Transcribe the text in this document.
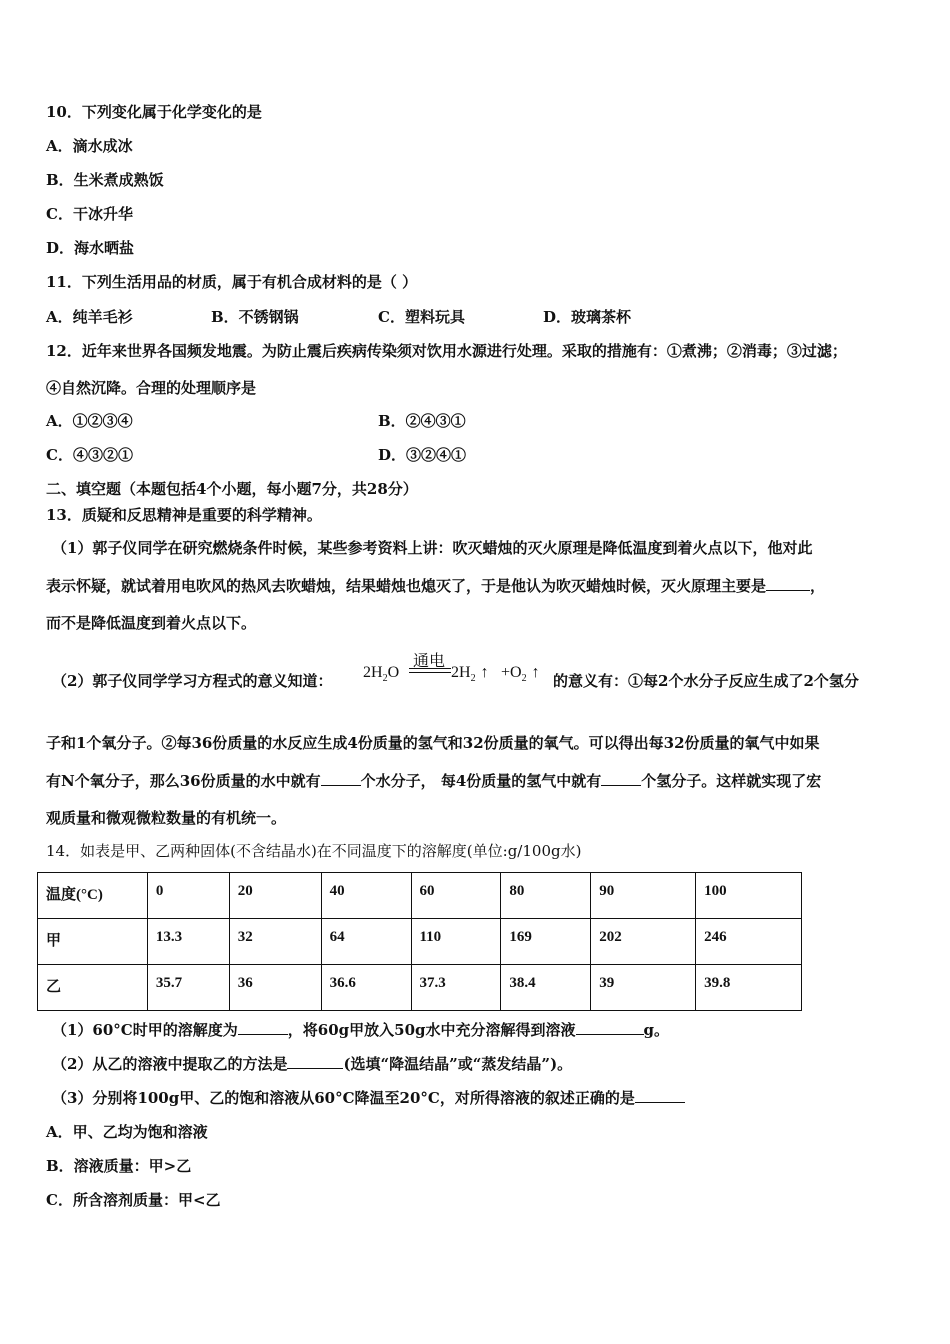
10．下列变化属于化学变化的是
A．滴水成冰
B．生米煮成熟饭
C．干冰升华
D．海水晒盐
11．下列生活用品的材质，属于有机合成材料的是（ ）
A．纯羊毛衫	B．不锈钢锅	C．塑料玩具	D．玻璃茶杯
12．近年来世界各国频发地震。为防止震后疾病传染须对饮用水源进行处理。采取的措施有：①煮沸；②消毒；③过滤；
④自然沉降。合理的处理顺序是
A．①②③④	B．②④③①
C．④③②①	D．③②④①
二、填空题（本题包括4个小题，每小题7分，共28分）
13．质疑和反思精神是重要的科学精神。
（1）郭子仪同学在研究燃烧条件时候，某些参考资料上讲：吹灭蜡烛的灭火原理是降低温度到着火点以下，他对此
表示怀疑，就试着用电吹风的热风去吹蜡烛，结果蜡烛也熄灭了，于是他认为吹灭蜡烛时候，灭火原理主要是	，
而不是降低温度到着火点以下。
（2）郭子仪同学学习方程式的意义知道：
通电
$2H_2O$	$2H_2$ ↑ $+O_2$ ↑ 的意义有：①每2个水分子反应生成了2个氢分
子和1个氧分子。②每36份质量的水反应生成4份质量的氢气和32份质量的氧气。可以得出每32份质量的氧气中如果
有N个氧分子，那么36份质量的水中就有	个水分子， 每4份质量的氢气中就有	个氢分子。这样就实现了宏
观质量和微观微粒数量的有机统一。
14．如表是甲、乙两种固体(不含结晶水)在不同温度下的溶解度(单位:g/100g水)
温度(°C)	0	20	40	60	80	90	100
甲	13.3	32	64	110	169	202	246
乙	35.7	36	36.6	37.3	38.4	39	39.8
（1）60°C时甲的溶解度为	，将60g甲放入50g水中充分溶解得到溶液	g。
（2）从乙的溶液中提取乙的方法是	(选填“降温结晶”或“蒸发结晶”)。
（3）分别将100g甲、乙的饱和溶液从60°C降温至20°C，对所得溶液的叙述正确的是
A．甲、乙均为饱和溶液
B．溶液质量：甲>乙
C．所含溶剂质量：甲<乙
